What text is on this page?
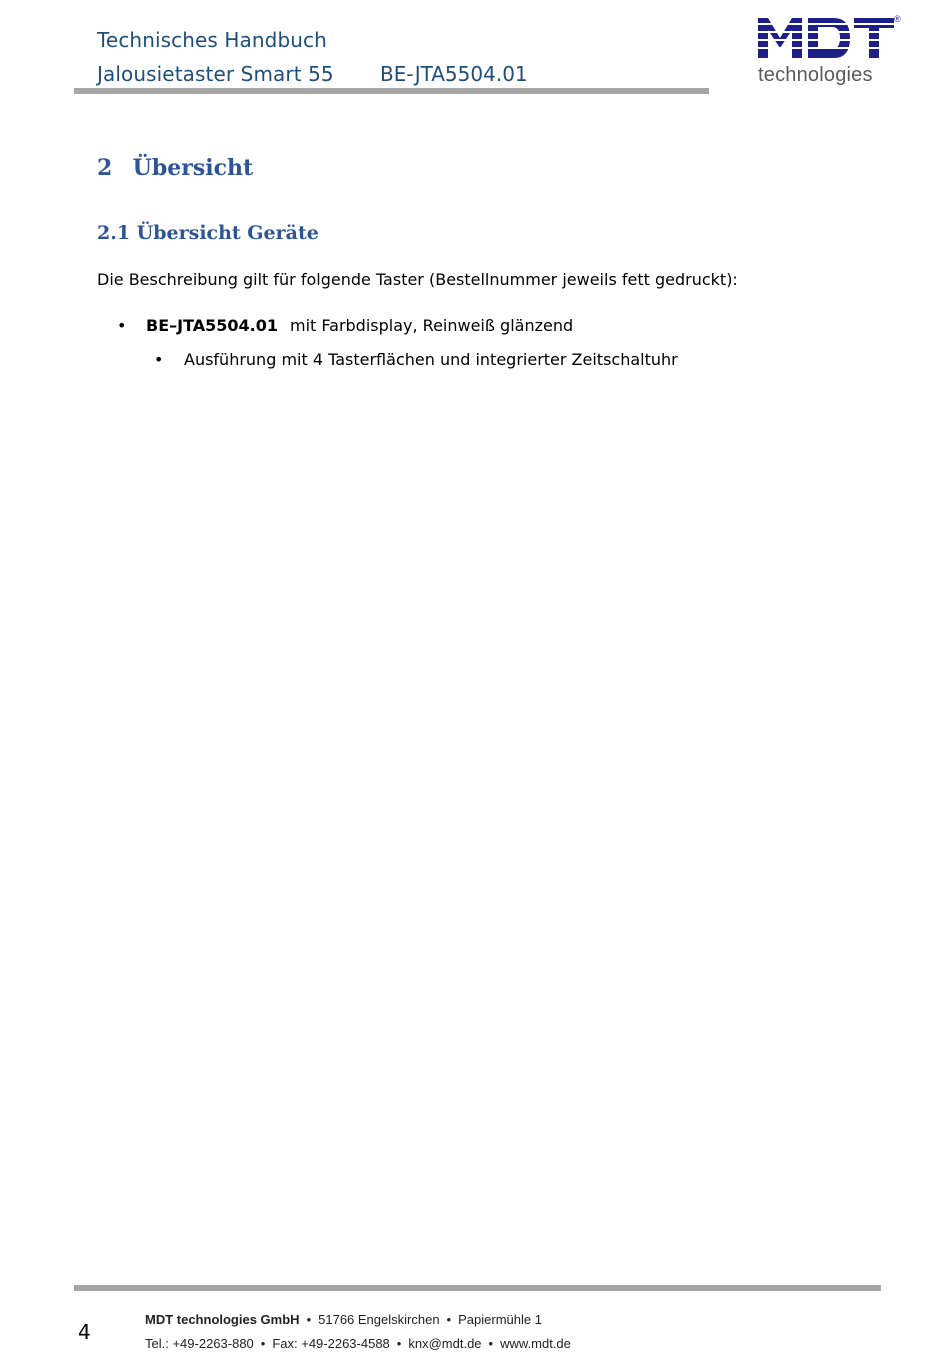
Technisches Handbuch
Jalousietaster Smart 55 BE-JTA5504.01
®
technologies
2 Übersicht
2.1 Übersicht Geräte
Die Beschreibung gilt für folgende Taster (Bestellnummer jeweils fett gedruckt):
• BE–JTA5504.01 mit Farbdisplay, Reinweiß glänzend
• Ausführung mit 4 Tasterflächen und integrierter Zeitschaltuhr
4
MDT technologies GmbH • 51766 Engelskirchen • Papiermühle 1
Tel.: +49-2263-880 • Fax: +49-2263-4588 • knx@mdt.de • www.mdt.de
